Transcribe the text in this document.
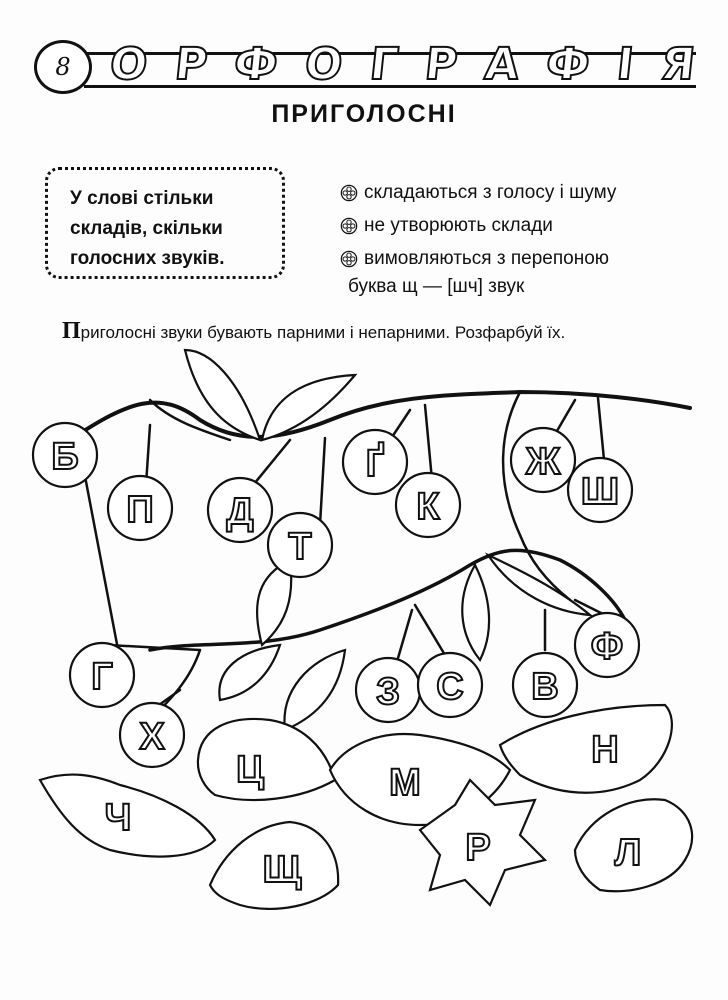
8 О Р Ф О Г Р А Ф І Я
ПРИГОЛОСНІ
У слові стільки
складів, скільки
голосних звуків.
складаються з голосу і шуму
не утворюють склади
вимовляються з перепоною
буква щ — [шч] звук
Приголосні звуки бувають парними і непарними. Розфарбуй їх.
Б
П Д
Т
Ґ
К
Ж
Ш
Г
Х
З С В
Ф
Ц	М
Н
Ч
Щ
Р	Л
